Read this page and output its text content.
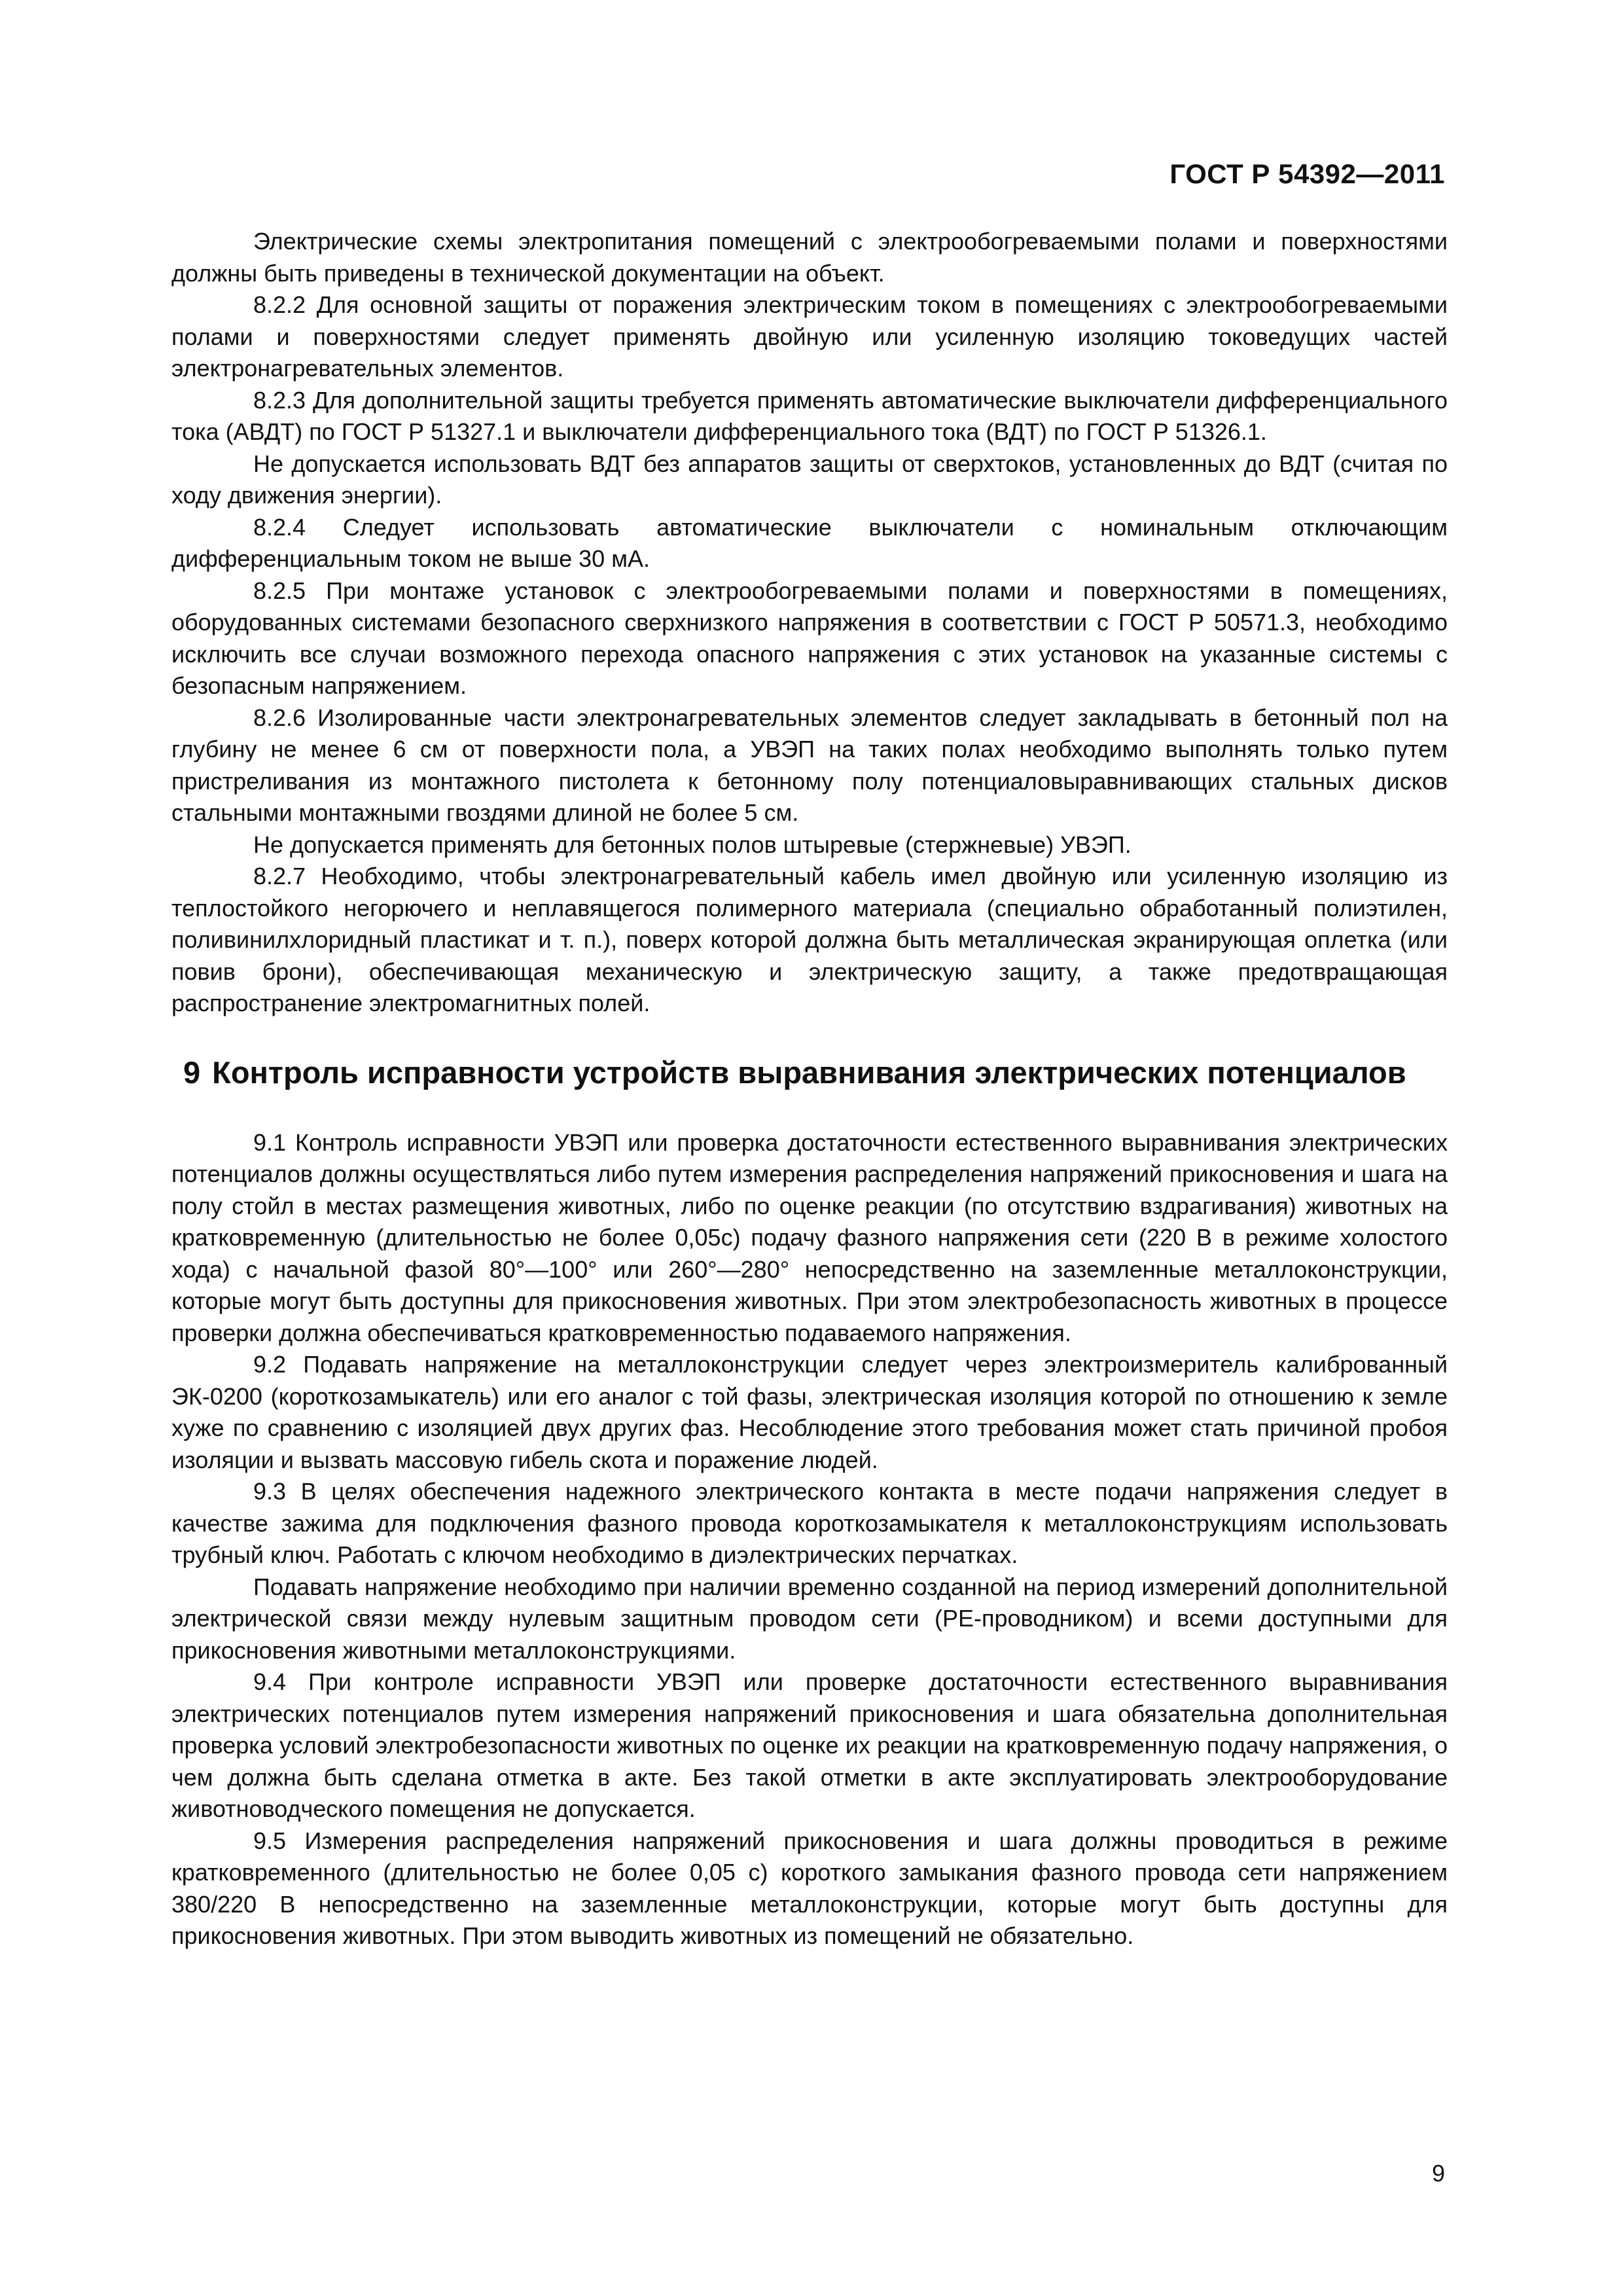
ГОСТ Р 54392—2011

Электрические схемы электропитания помещений с электрообогреваемыми полами и поверхностями должны быть приведены в технической документации на объект.

8.2.2 Для основной защиты от поражения электрическим током в помещениях с электрообогреваемыми полами и поверхностями следует применять двойную или усиленную изоляцию токоведущих частей электронагревательных элементов.

8.2.3 Для дополнительной защиты требуется применять автоматические выключатели дифференциального тока (АВДТ) по ГОСТ Р 51327.1 и выключатели дифференциального тока (ВДТ) по ГОСТ Р 51326.1.

Не допускается использовать ВДТ без аппаратов защиты от сверхтоков, установленных до ВДТ (считая по ходу движения энергии).

8.2.4 Следует использовать автоматические выключатели с номинальным отключающим дифференциальным током не выше 30 мА.

8.2.5 При монтаже установок с электрообогреваемыми полами и поверхностями в помещениях, оборудованных системами безопасного сверхнизкого напряжения в соответствии с ГОСТ Р 50571.3, необходимо исключить все случаи возможного перехода опасного напряжения с этих установок на указанные системы с безопасным напряжением.

8.2.6 Изолированные части электронагревательных элементов следует закладывать в бетонный пол на глубину не менее 6 см от поверхности пола, а УВЭП на таких полах необходимо выполнять только путем пристреливания из монтажного пистолета к бетонному полу потенциаловыравнивающих стальных дисков стальными монтажными гвоздями длиной не более 5 см.

Не допускается применять для бетонных полов штыревые (стержневые) УВЭП.

8.2.7 Необходимо, чтобы электронагревательный кабель имел двойную или усиленную изоляцию из теплостойкого негорючего и неплавящегося полимерного материала (специально обработанный полиэтилен, поливинилхлоридный пластикат и т. п.), поверх которой должна быть металлическая экранирующая оплетка (или повив брони), обеспечивающая механическую и электрическую защиту, а также предотвращающая распространение электромагнитных полей.

9 Контроль исправности устройств выравнивания электрических потенциалов

9.1 Контроль исправности УВЭП или проверка достаточности естественного выравнивания электрических потенциалов должны осуществляться либо путем измерения распределения напряжений прикосновения и шага на полу стойл в местах размещения животных, либо по оценке реакции (по отсутствию вздрагивания) животных на кратковременную (длительностью не более 0,05с) подачу фазного напряжения сети (220 В в режиме холостого хода) с начальной фазой 80°—100° или 260°—280° непосредственно на заземленные металлоконструкции, которые могут быть доступны для прикосновения животных. При этом электробезопасность животных в процессе проверки должна обеспечиваться кратковременностью подаваемого напряжения.

9.2 Подавать напряжение на металлоконструкции следует через электроизмеритель калиброванный ЭК-0200 (короткозамыкатель) или его аналог с той фазы, электрическая изоляция которой по отношению к земле хуже по сравнению с изоляцией двух других фаз. Несоблюдение этого требования может стать причиной пробоя изоляции и вызвать массовую гибель скота и поражение людей.

9.3 В целях обеспечения надежного электрического контакта в месте подачи напряжения следует в качестве зажима для подключения фазного провода короткозамыкателя к металлоконструкциям использовать трубный ключ. Работать с ключом необходимо в диэлектрических перчатках.

Подавать напряжение необходимо при наличии временно созданной на период измерений дополнительной электрической связи между нулевым защитным проводом сети (PE-проводником) и всеми доступными для прикосновения животными металлоконструкциями.

9.4 При контроле исправности УВЭП или проверке достаточности естественного выравнивания электрических потенциалов путем измерения напряжений прикосновения и шага обязательна дополнительная проверка условий электробезопасности животных по оценке их реакции на кратковременную подачу напряжения, о чем должна быть сделана отметка в акте. Без такой отметки в акте эксплуатировать электрооборудование животноводческого помещения не допускается.

9.5 Измерения распределения напряжений прикосновения и шага должны проводиться в режиме кратковременного (длительностью не более 0,05 с) короткого замыкания фазного провода сети напряжением 380/220 В непосредственно на заземленные металлоконструкции, которые могут быть доступны для прикосновения животных. При этом выводить животных из помещений не обязательно.

9
